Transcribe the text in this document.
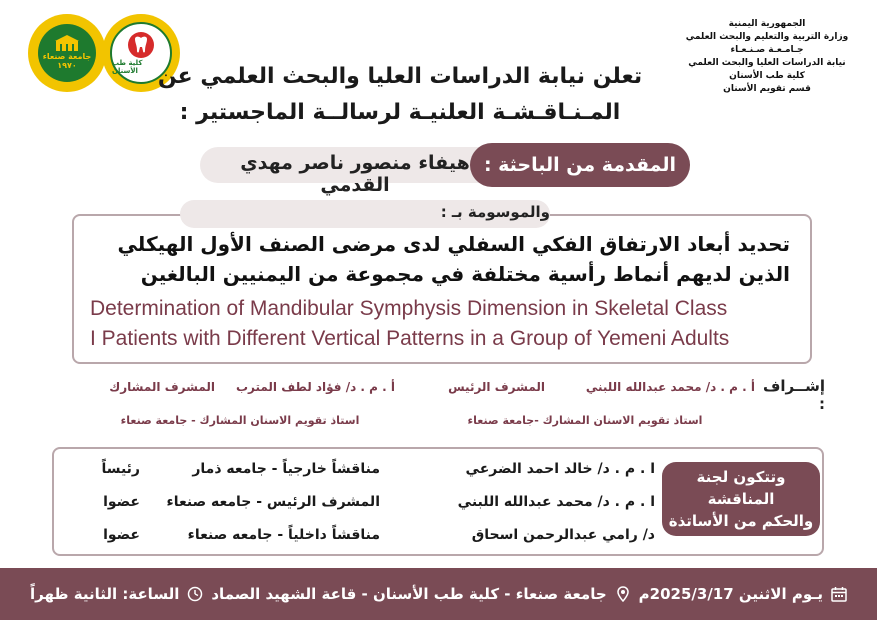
جامعة صنعاء
١٩٧٠	كلية طب الأسنان
الجمهورية اليمنية
وزارة التربية والتعليم والبحث العلمي
جـامـعـة صـنـعـاء
نيابة الدراسات العليا والبحث العلمي
كلية طب الأسنان
قسم تقويم الأسنان
تعلن نيابة الدراسات العليا والبحث العلمي عن
المـنـاقـشـة العلنيـة لرسالــة الماجستير :
المقدمة من الباحثة :
هيفاء منصور ناصر مهدي القدمي
والموسومة بـ :
تحديد أبعاد الارتفاق الفكي السفلي لدى مرضى الصنف الأول الهيكلي
الذين لديهم أنماط رأسية مختلفة في مجموعة من اليمنيين البالغين
Determination of Mandibular Symphysis Dimension in Skeletal Class
I Patients with Different Vertical Patterns in a Group of Yemeni Adults
إشــراف :
أ . م . د/ محمد عبدالله اللبني
المشرف الرئيس
استاذ تقويم الاسنان المشارك -جامعة صنعاء
أ . م . د/ فؤاد لطف المترب
المشرف المشارك
استاذ تقويم الاسنان المشارك - جامعة صنعاء
وتتكون لجنة المناقشة
والحكم من الأساتذة
ا . م . د/ خالد احمد الضرعي
مناقشاً خارجياً - جامعه ذمار
رئيساً
ا . م . د/ محمد عبدالله اللبني
المشرف الرئيس - جامعه صنعاء
عضوا
د/ رامي عبدالرحمن اسحاق
مناقشاً داخلياً - جامعه صنعاء
عضوا
يـوم الاثنين 2025/3/17م
جامعة صنعاء - كلية طب الأسنان - قاعة الشهيد الصماد
الساعة: الثانية ظهراً
